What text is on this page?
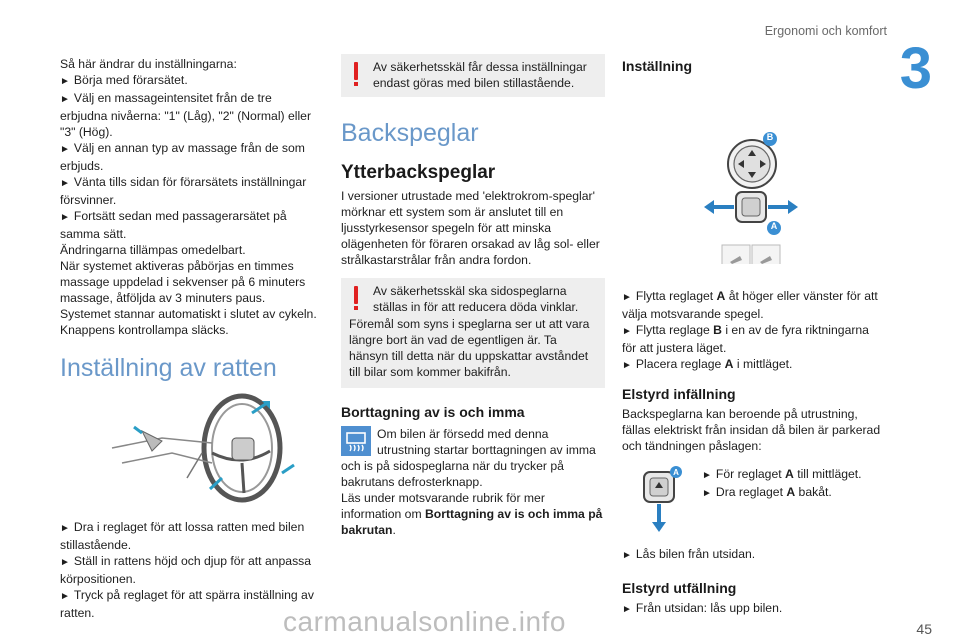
Ergonomi och komfort
3
45
carmanualsonline.info
Så här ändrar du inställningarna:
► Börja med förarsätet.
► Välj en massageintensitet från de tre erbjudna nivåerna: "1" (Låg), "2" (Normal) eller "3" (Hög).
► Välj en annan typ av massage från de som erbjuds.
► Vänta tills sidan för förarsätets inställningar försvinner.
► Fortsätt sedan med passagerarsätet på samma sätt.
Ändringarna tillämpas omedelbart.
När systemet aktiveras påbörjas en timmes massage uppdelad i sekvenser på 6 minuters massage, åtföljda av 3 minuters paus.
Systemet stannar automatiskt i slutet av cykeln. Knappens kontrollampa släcks.
Inställning av ratten
► Dra i reglaget för att lossa ratten med bilen stillastående.
► Ställ in rattens höjd och djup för att anpassa körpositionen.
► Tryck på reglaget för att spärra inställning av ratten.
Av säkerhetsskäl får dessa inställningar endast göras med bilen stillastående.
Backspeglar
Ytterbackspeglar
I versioner utrustade med 'elektrokrom-speglar' mörknar ett system som är anslutet till en ljusstyrkesensor spegeln för att minska olägenheten för föraren orsakad av låg sol- eller strålkastarstrålar från andra fordon.
Av säkerhetsskäl ska sidospeglarna ställas in för att reducera döda vinklar.
Föremål som syns i speglarna ser ut att vara längre bort än vad de egentligen är. Ta hänsyn till detta när du uppskattar avståndet till bilar som kommer bakifrån.
Borttagning av is och imma
Om bilen är försedd med denna utrustning startar borttagningen av imma och is på sidospeglarna när du trycker på bakrutans defrosterknapp.
Läs under motsvarande rubrik för mer information om Borttagning av is och imma på bakrutan.
Inställning
B
A
► Flytta reglaget A åt höger eller vänster för att välja motsvarande spegel.
► Flytta reglage B i en av de fyra riktningarna för att justera läget.
► Placera reglage A i mittläget.
Elstyrd infällning
Backspeglarna kan beroende på utrustning, fällas elektriskt från insidan då bilen är parkerad och tändningen påslagen:
A ► För reglaget A till mittläget.
► Dra reglaget A bakåt.
► Lås bilen från utsidan.
Elstyrd utfällning
► Från utsidan: lås upp bilen.
